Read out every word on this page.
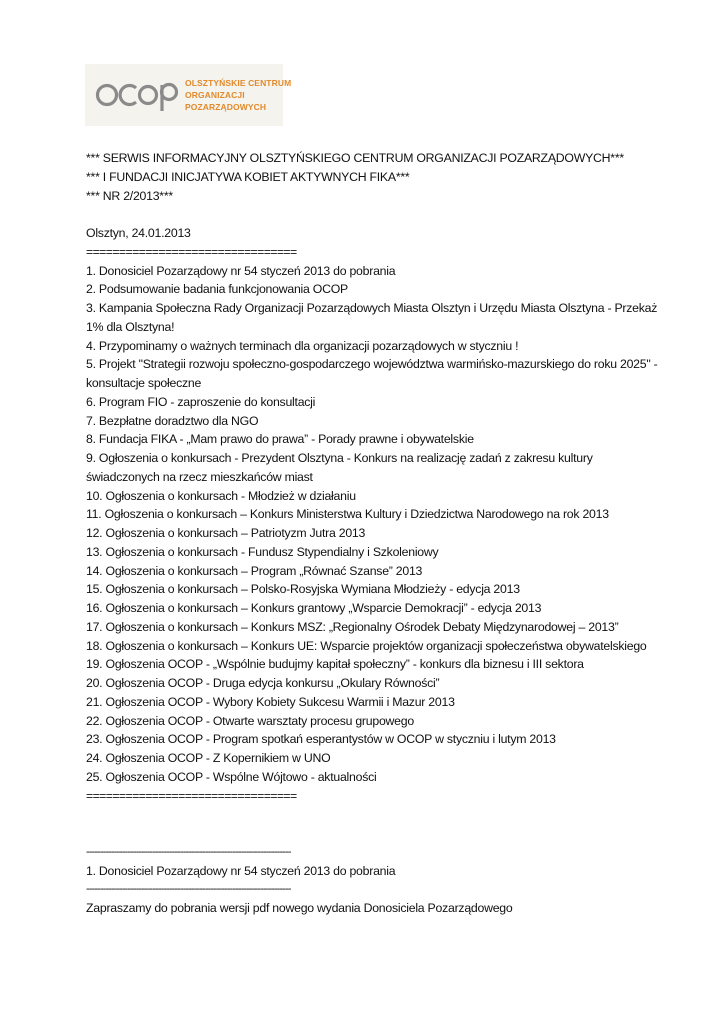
OLSZTYŃSKIE CENTRUM
ORGANIZACJI
POZARZĄDOWYCH

*** SERWIS INFORMACYJNY OLSZTYŃSKIEGO CENTRUM ORGANIZACJI POZARZĄDOWYCH***

*** I FUNDACJI INICJATYWA KOBIET AKTYWNYCH FIKA***

*** NR 2/2013***

Olsztyn, 24.01.2013

================================

1. Donosiciel Pozarządowy nr 54 styczeń 2013 do pobrania

2. Podsumowanie badania funkcjonowania OCOP

3. Kampania Społeczna Rady Organizacji Pozarządowych Miasta Olsztyn i Urzędu Miasta Olsztyna - Przekaż 1% dla Olsztyna!

4. Przypominamy o ważnych terminach dla organizacji pozarządowych w styczniu !

5. Projekt "Strategii rozwoju społeczno-gospodarczego województwa warmińsko-mazurskiego do roku 2025" - konsultacje społeczne

6. Program FIO - zaproszenie do konsultacji

7. Bezpłatne doradztwo dla NGO

8. Fundacja FIKA - „Mam prawo do prawa” - Porady prawne i obywatelskie

9. Ogłoszenia o konkursach - Prezydent Olsztyna - Konkurs na realizację zadań z zakresu kultury świadczonych na rzecz mieszkańców miast

10. Ogłoszenia o konkursach - Młodzież w działaniu

11. Ogłoszenia o konkursach – Konkurs Ministerstwa Kultury i Dziedzictwa Narodowego na rok 2013

12. Ogłoszenia o konkursach – Patriotyzm Jutra 2013

13. Ogłoszenia o konkursach - Fundusz Stypendialny i Szkoleniowy

14. Ogłoszenia o konkursach – Program „Równać Szanse” 2013

15. Ogłoszenia o konkursach – Polsko-Rosyjska Wymiana Młodzieży - edycja 2013

16. Ogłoszenia o konkursach – Konkurs grantowy „Wsparcie Demokracji” - edycja 2013

17. Ogłoszenia o konkursach – Konkurs MSZ: „Regionalny Ośrodek Debaty Międzynarodowej – 2013”

18. Ogłoszenia o konkursach – Konkurs UE: Wsparcie projektów organizacji społeczeństwa obywatelskiego

19. Ogłoszenia OCOP - „Wspólnie budujmy kapitał społeczny” - konkurs dla biznesu i III sektora

20. Ogłoszenia OCOP - Druga edycja konkursu „Okulary Równości”

21. Ogłoszenia OCOP - Wybory Kobiety Sukcesu Warmii i Mazur 2013

22. Ogłoszenia OCOP - Otwarte warsztaty procesu grupowego

23. Ogłoszenia OCOP - Program spotkań esperantystów w OCOP w styczniu i lutym 2013

24. Ogłoszenia OCOP - Z Kopernikiem w UNO

25. Ogłoszenia OCOP - Wspólne Wójtowo - aktualności

================================

--------------------------------------------------------------------------

1. Donosiciel Pozarządowy nr 54 styczeń 2013 do pobrania

--------------------------------------------------------------------------

Zapraszamy do pobrania wersji pdf nowego wydania Donosiciela Pozarządowego
